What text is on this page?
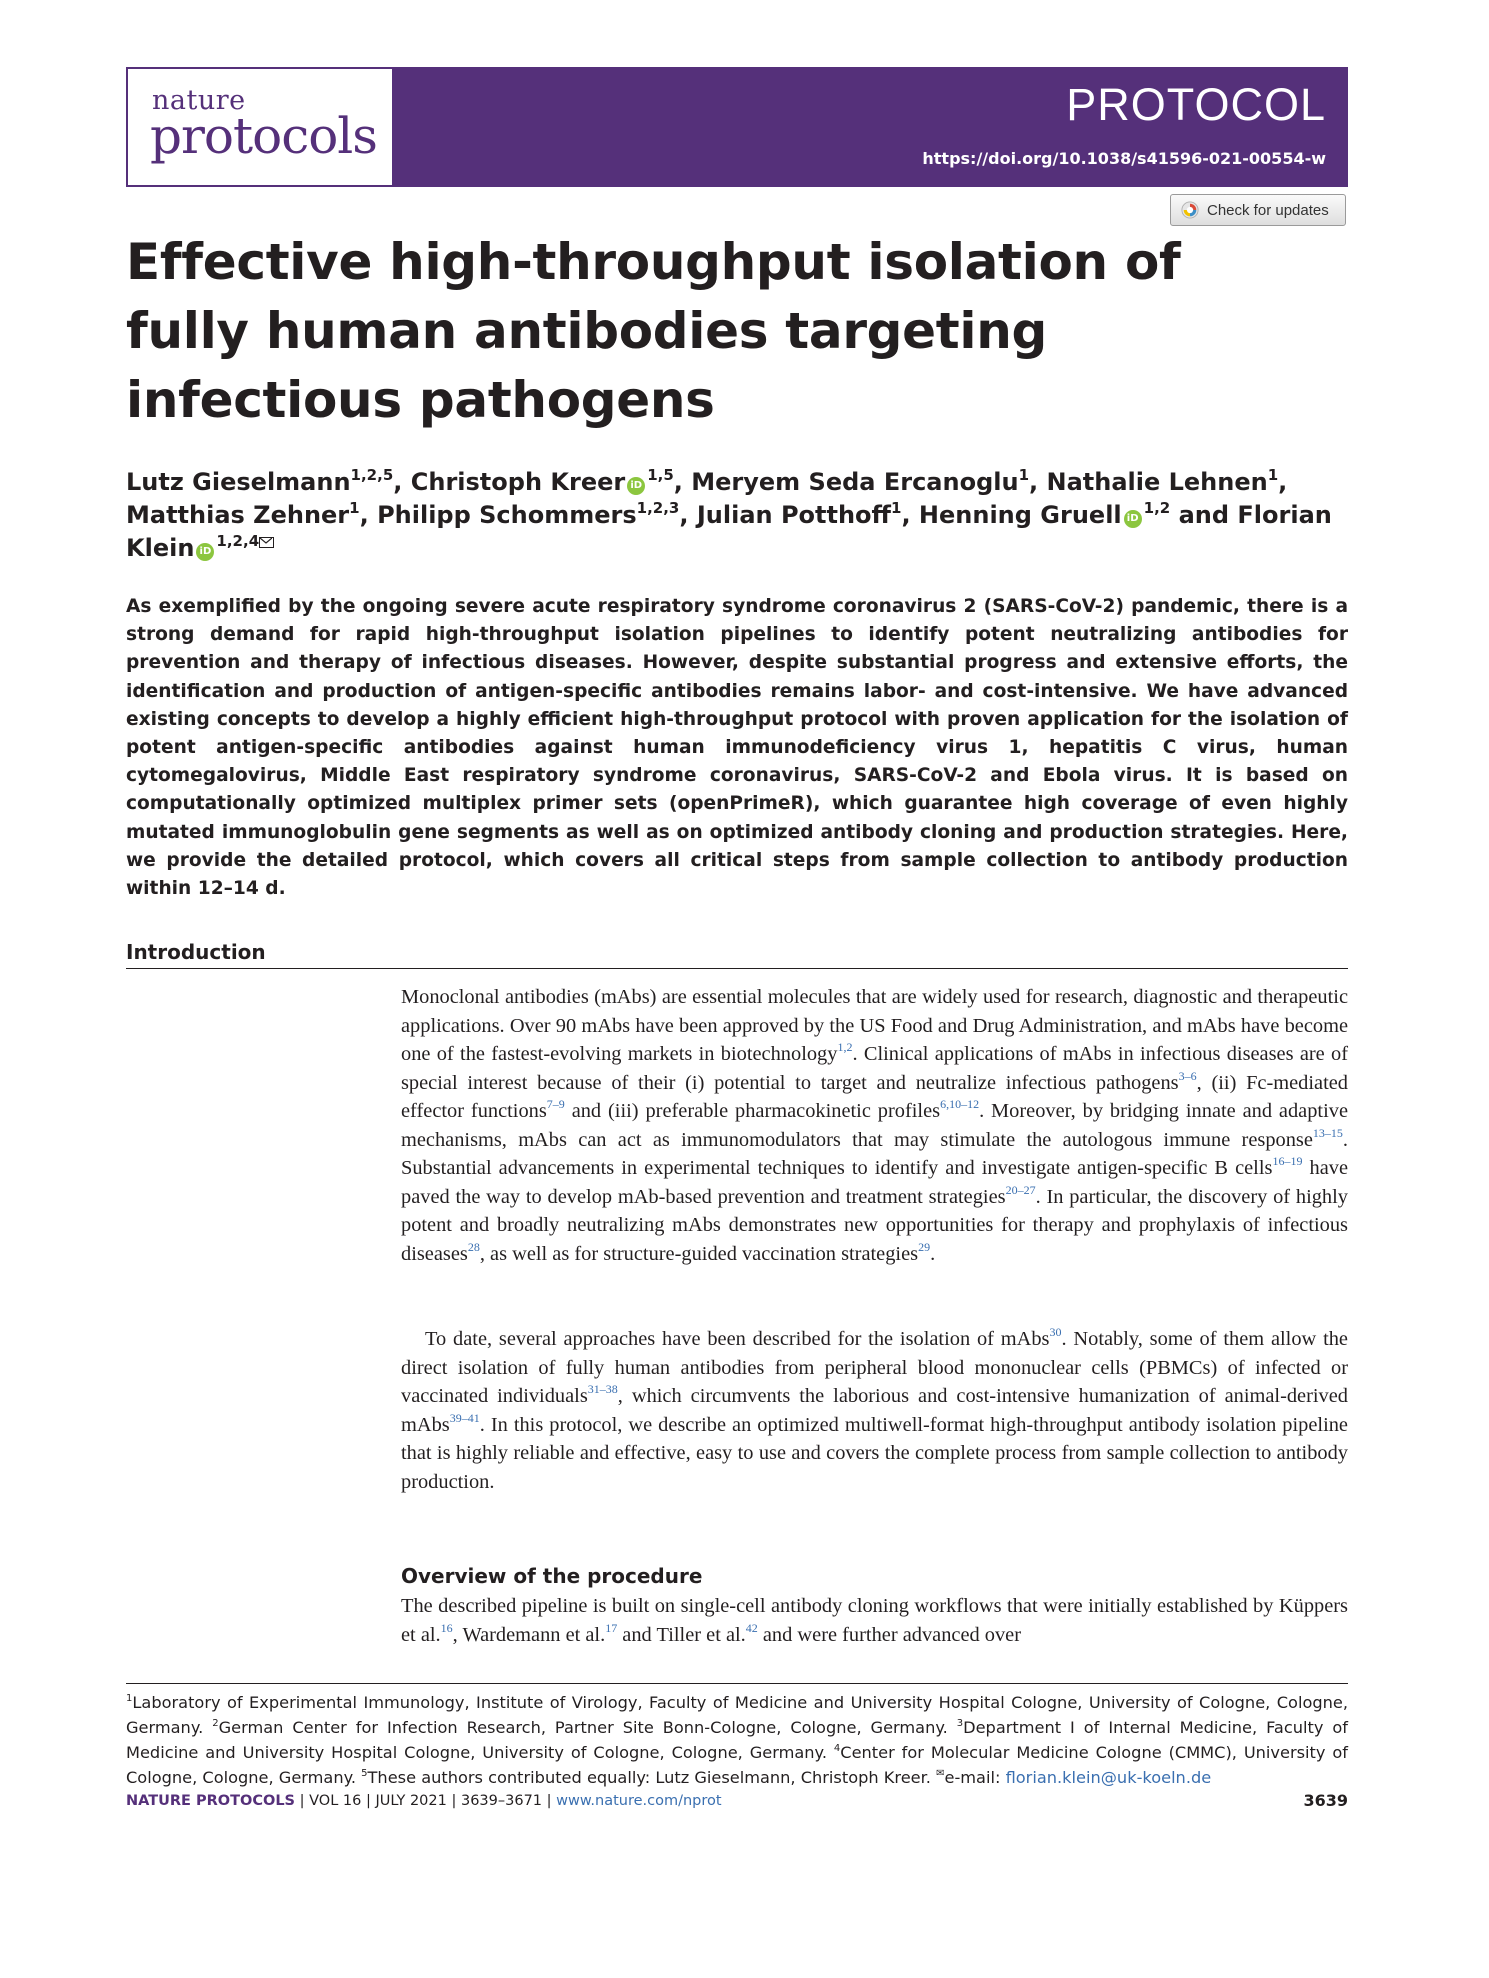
nature
protocols
PROTOCOL
https://doi.org/10.1038/s41596-021-00554-w
Check for updates
Effective high-throughput isolation of fully human antibodies targeting infectious pathogens

Lutz Gieselmann$^{1,2,5}$, Christoph Kreer iD$^{1,5}$, Meryem Seda Ercanoglu$^1$, Nathalie Lehnen$^1$, Matthias Zehner$^1$, Philipp Schommers$^{1,2,3}$, Julian Potthoff$^1$, Henning Gruell iD$^{1,2}$ and Florian Klein iD$^{1,2,4}$

As exemplified by the ongoing severe acute respiratory syndrome coronavirus 2 (SARS-CoV-2) pandemic, there is a strong demand for rapid high-throughput isolation pipelines to identify potent neutralizing antibodies for prevention and therapy of infectious diseases. However, despite substantial progress and extensive efforts, the identification and production of antigen-specific antibodies remains labor- and cost-intensive. We have advanced existing concepts to develop a highly efficient high-throughput protocol with proven application for the isolation of potent antigen-specific antibodies against human immunodeficiency virus 1, hepatitis C virus, human cytomegalovirus, Middle East respiratory syndrome coronavirus, SARS-CoV-2 and Ebola virus. It is based on computationally optimized multiplex primer sets (openPrimeR), which guarantee high coverage of even highly mutated immunoglobulin gene segments as well as on optimized antibody cloning and production strategies. Here, we provide the detailed protocol, which covers all critical steps from sample collection to antibody production within 12–14 d.

Introduction

Monoclonal antibodies (mAbs) are essential molecules that are widely used for research, diagnostic and therapeutic applications. Over 90 mAbs have been approved by the US Food and Drug Administration, and mAbs have become one of the fastest-evolving markets in biotechnology$^{1,2}$. Clinical applications of mAbs in infectious diseases are of special interest because of their (i) potential to target and neutralize infectious pathogens$^{3-6}$, (ii) Fc-mediated effector functions$^{7-9}$ and (iii) preferable pharmacokinetic profiles$^{6,10-12}$. Moreover, by bridging innate and adaptive mechanisms, mAbs can act as immunomodulators that may stimulate the autologous immune response$^{13-15}$. Substantial advancements in experimental techniques to identify and investigate antigen-specific B cells$^{16-19}$ have paved the way to develop mAb-based prevention and treatment strategies$^{20-27}$. In particular, the discovery of highly potent and broadly neutralizing mAbs demonstrates new opportunities for therapy and prophylaxis of infectious diseases$^{28}$, as well as for structure-guided vaccination strategies$^{29}$.

To date, several approaches have been described for the isolation of mAbs$^{30}$. Notably, some of them allow the direct isolation of fully human antibodies from peripheral blood mononuclear cells (PBMCs) of infected or vaccinated individuals$^{31-38}$, which circumvents the laborious and cost-intensive humanization of animal-derived mAbs$^{39-41}$. In this protocol, we describe an optimized multiwell-format high-throughput antibody isolation pipeline that is highly reliable and effective, easy to use and covers the complete process from sample collection to antibody production.

Overview of the procedure

The described pipeline is built on single-cell antibody cloning workflows that were initially established by Küppers et al.$^{16}$, Wardemann et al.$^{17}$ and Tiller et al.$^{42}$ and were further advanced over

$^1$Laboratory of Experimental Immunology, Institute of Virology, Faculty of Medicine and University Hospital Cologne, University of Cologne, Cologne, Germany. $^2$German Center for Infection Research, Partner Site Bonn-Cologne, Cologne, Germany. $^3$Department I of Internal Medicine, Faculty of Medicine and University Hospital Cologne, University of Cologne, Cologne, Germany. $^4$Center for Molecular Medicine Cologne (CMMC), University of Cologne, Cologne, Germany. $^5$These authors contributed equally: Lutz Gieselmann, Christoph Kreer. ✉e-mail: florian.klein@uk-koeln.de

NATURE PROTOCOLS | VOL 16 | JULY 2021 | 3639–3671 | www.nature.com/nprot	3639
